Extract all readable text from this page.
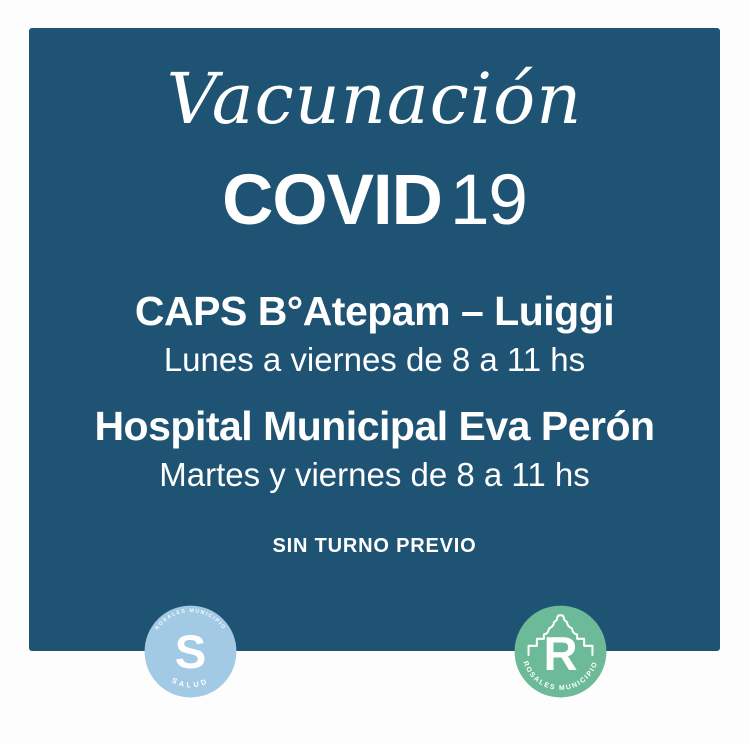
Vacunación
COVID 19
CAPS B°Atepam – Luiggi
Lunes a viernes de 8 a 11 hs
Hospital Municipal Eva Perón
Martes y viernes de 8 a 11 hs
SIN TURNO PREVIO
ROSALES MUNICIPIO
S
SALUD
R
ROSALES MUNICIPIO
